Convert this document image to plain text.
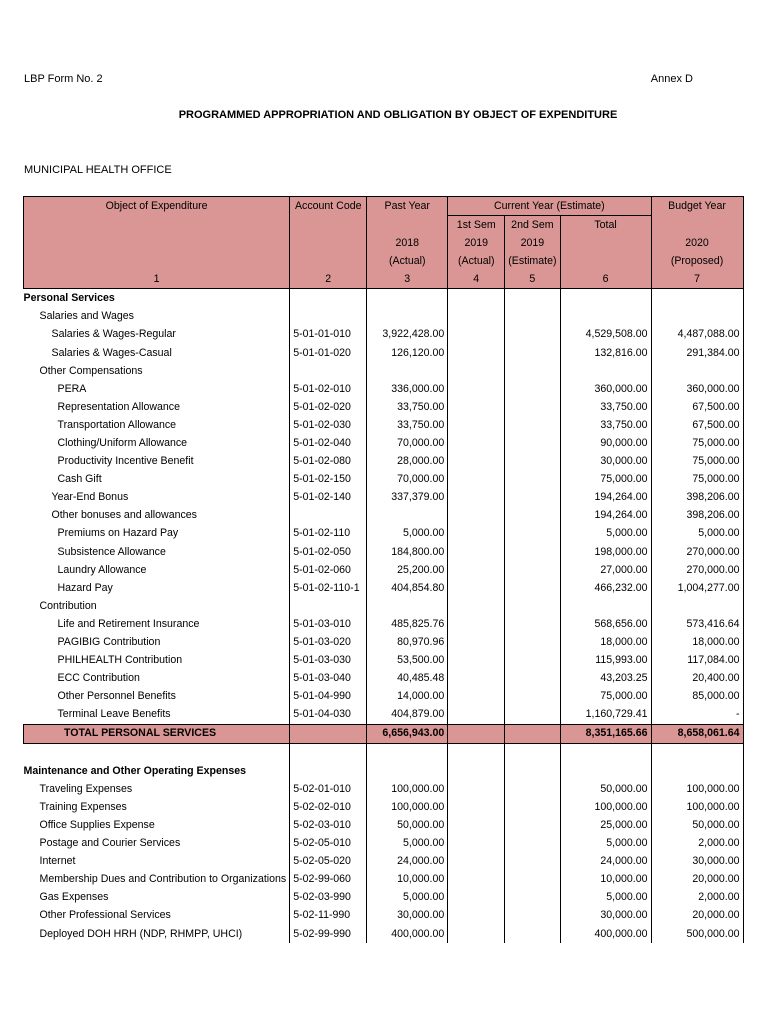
LBP Form No. 2	Annex D
PROGRAMMED APPROPRIATION AND OBLIGATION BY OBJECT OF EXPENDITURE
MUNICIPAL HEALTH OFFICE
Object of Expenditure	Account Code	Past Year	Current Year (Estimate)			Budget Year
			1st Sem	2nd Sem	Total	
		2018	2019	2019		2020
		(Actual)	(Actual)	(Estimate)		(Proposed)
1	2	3	4	5	6	7
Personal Services						
Salaries and Wages						
Salaries & Wages-Regular	5-01-01-010	3,922,428.00			4,529,508.00	4,487,088.00
Salaries & Wages-Casual	5-01-01-020	126,120.00			132,816.00	291,384.00
Other Compensations						
PERA	5-01-02-010	336,000.00			360,000.00	360,000.00
Representation Allowance	5-01-02-020	33,750.00			33,750.00	67,500.00
Transportation Allowance	5-01-02-030	33,750.00			33,750.00	67,500.00
Clothing/Uniform Allowance	5-01-02-040	70,000.00			90,000.00	75,000.00
Productivity Incentive Benefit	5-01-02-080	28,000.00			30,000.00	75,000.00
Cash Gift	5-01-02-150	70,000.00			75,000.00	75,000.00
Year-End Bonus	5-01-02-140	337,379.00			194,264.00	398,206.00
Other bonuses and allowances					194,264.00	398,206.00
Premiums on Hazard Pay	5-01-02-110	5,000.00			5,000.00	5,000.00
Subsistence Allowance	5-01-02-050	184,800.00			198,000.00	270,000.00
Laundry Allowance	5-01-02-060	25,200.00			27,000.00	270,000.00
Hazard Pay	5-01-02-110-1	404,854.80			466,232.00	1,004,277.00
Contribution						
Life and Retirement Insurance	5-01-03-010	485,825.76			568,656.00	573,416.64
PAGIBIG Contribution	5-01-03-020	80,970.96			18,000.00	18,000.00
PHILHEALTH Contribution	5-01-03-030	53,500.00			115,993.00	117,084.00
ECC Contribution	5-01-03-040	40,485.48			43,203.25	20,400.00
Other Personnel Benefits	5-01-04-990	14,000.00			75,000.00	85,000.00
Terminal Leave Benefits	5-01-04-030	404,879.00			1,160,729.41	-
TOTAL PERSONAL SERVICES		6,656,943.00			8,351,165.66	8,658,061.64

Maintenance and Other Operating Expenses						
Traveling Expenses	5-02-01-010	100,000.00			50,000.00	100,000.00
Training Expenses	5-02-02-010	100,000.00			100,000.00	100,000.00
Office Supplies Expense	5-02-03-010	50,000.00			25,000.00	50,000.00
Postage and Courier Services	5-02-05-010	5,000.00			5,000.00	2,000.00
Internet	5-02-05-020	24,000.00			24,000.00	30,000.00
Membership Dues and Contribution to Organizations	5-02-99-060	10,000.00			10,000.00	20,000.00
Gas Expenses	5-02-03-990	5,000.00			5,000.00	2,000.00
Other Professional Services	5-02-11-990	30,000.00			30,000.00	20,000.00
Deployed DOH HRH (NDP, RHMPP, UHCI)	5-02-99-990	400,000.00			400,000.00	500,000.00
